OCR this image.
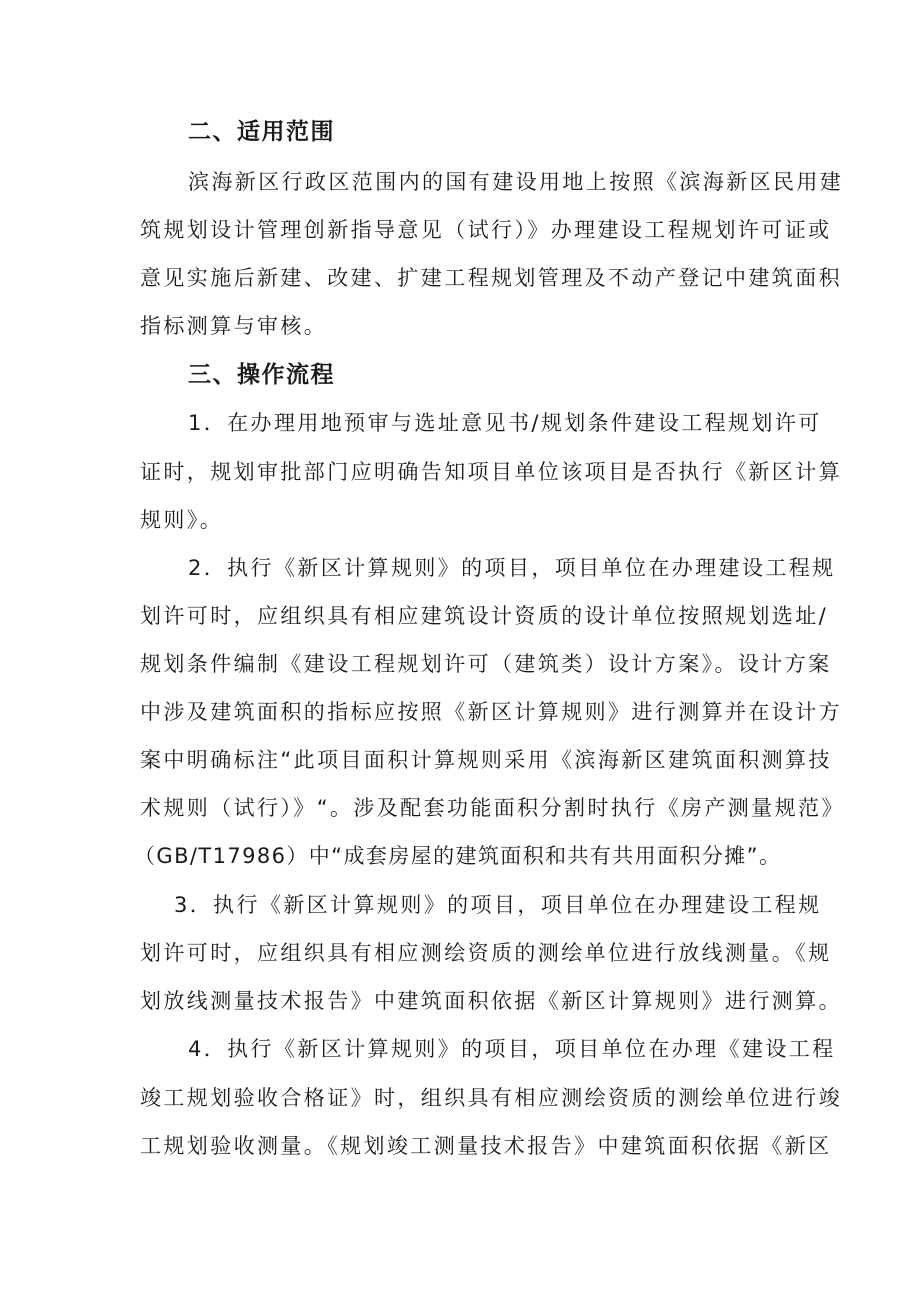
二、适用范围
滨海新区行政区范围内的国有建设用地上按照《滨海新区民用建
筑规划设计管理创新指导意见（试行）》办理建设工程规划许可证或
意见实施后新建、改建、扩建工程规划管理及不动产登记中建筑面积
指标测算与审核。
三、操作流程
1．在办理用地预审与选址意见书/规划条件建设工程规划许可
证时，规划审批部门应明确告知项目单位该项目是否执行《新区计算
规则》。
2．执行《新区计算规则》的项目，项目单位在办理建设工程规
划许可时，应组织具有相应建筑设计资质的设计单位按照规划选址/
规划条件编制《建设工程规划许可（建筑类）设计方案》。设计方案
中涉及建筑面积的指标应按照《新区计算规则》进行测算并在设计方
案中明确标注“此项目面积计算规则采用《滨海新区建筑面积测算技
术规则（试行）》“。涉及配套功能面积分割时执行《房产测量规范》
（GB/T17986）中“成套房屋的建筑面积和共有共用面积分摊”。
3．执行《新区计算规则》的项目，项目单位在办理建设工程规
划许可时，应组织具有相应测绘资质的测绘单位进行放线测量。《规
划放线测量技术报告》中建筑面积依据《新区计算规则》进行测算。
4．执行《新区计算规则》的项目，项目单位在办理《建设工程
竣工规划验收合格证》时，组织具有相应测绘资质的测绘单位进行竣
工规划验收测量。《规划竣工测量技术报告》中建筑面积依据《新区
